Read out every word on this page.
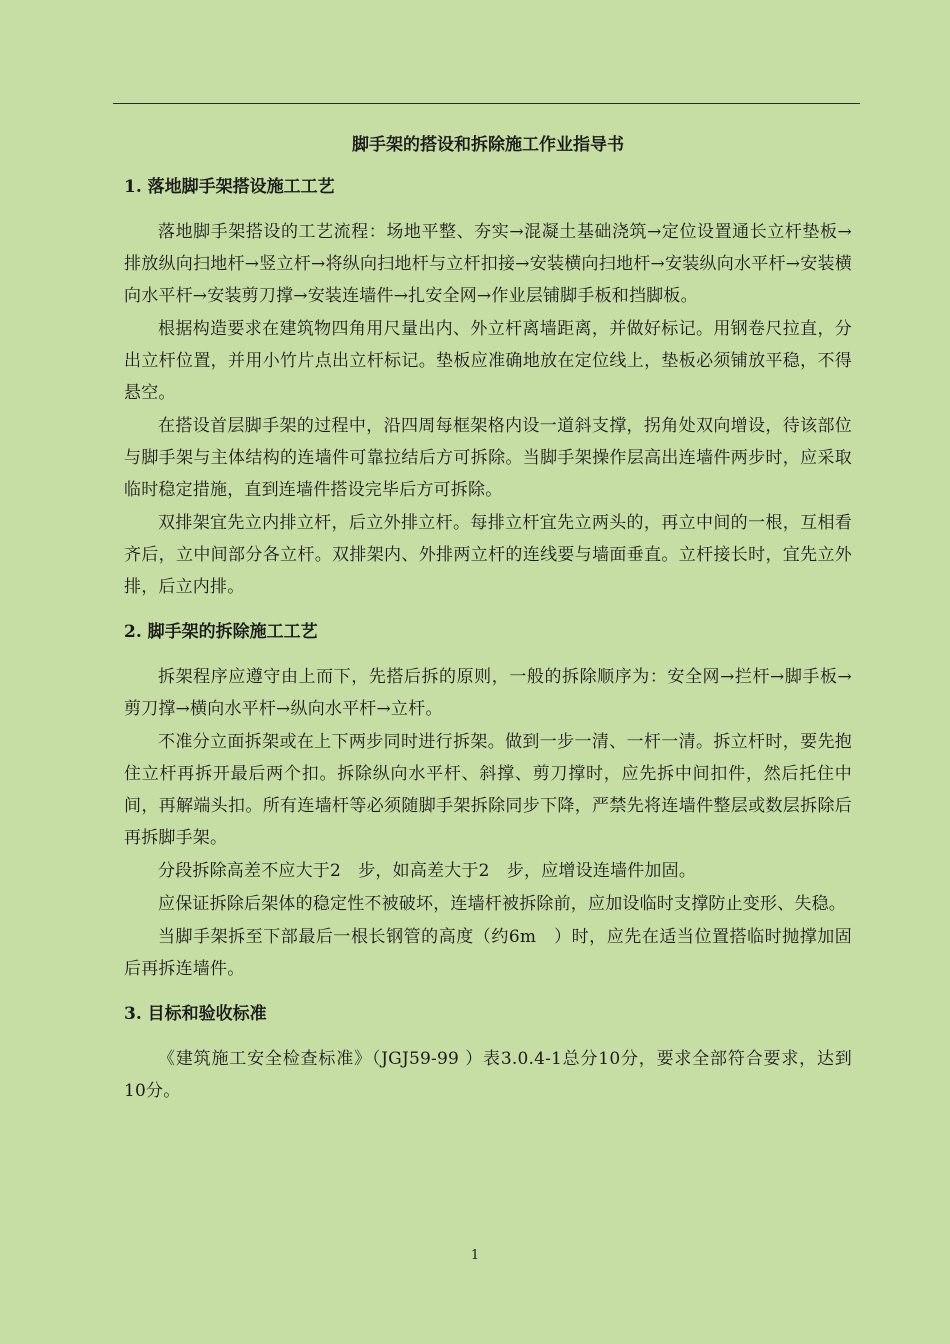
脚手架的搭设和拆除施工作业指导书
1. 落地脚手架搭设施工工艺

落地脚手架搭设的工艺流程：场地平整、夯实→混凝土基础浇筑→定位设置通长立杆垫板→排放纵向扫地杆→竖立杆→将纵向扫地杆与立杆扣接→安装横向扫地杆→安装纵向水平杆→安装横向水平杆→安装剪刀撑→安装连墙件→扎安全网→作业层铺脚手板和挡脚板。

根据构造要求在建筑物四角用尺量出内、外立杆离墙距离，并做好标记。用钢卷尺拉直，分出立杆位置，并用小竹片点出立杆标记。垫板应准确地放在定位线上，垫板必须铺放平稳，不得悬空。

在搭设首层脚手架的过程中，沿四周每框架格内设一道斜支撑，拐角处双向增设，待该部位与脚手架与主体结构的连墙件可靠拉结后方可拆除。当脚手架操作层高出连墙件两步时，应采取临时稳定措施，直到连墙件搭设完毕后方可拆除。

双排架宜先立内排立杆，后立外排立杆。每排立杆宜先立两头的，再立中间的一根，互相看齐后，立中间部分各立杆。双排架内、外排两立杆的连线要与墙面垂直。立杆接长时，宜先立外排，后立内排。

2. 脚手架的拆除施工工艺

拆架程序应遵守由上而下，先搭后拆的原则，一般的拆除顺序为：安全网→拦杆→脚手板→剪刀撑→横向水平杆→纵向水平杆→立杆。

不准分立面拆架或在上下两步同时进行拆架。做到一步一清、一杆一清。拆立杆时，要先抱住立杆再拆开最后两个扣。拆除纵向水平杆、斜撑、剪刀撑时，应先拆中间扣件，然后托住中间，再解端头扣。所有连墙杆等必须随脚手架拆除同步下降，严禁先将连墙件整层或数层拆除后再拆脚手架。

分段拆除高差不应大于2　步，如高差大于2　步，应增设连墙件加固。

应保证拆除后架体的稳定性不被破坏，连墙杆被拆除前，应加设临时支撑防止变形、失稳。

当脚手架拆至下部最后一根长钢管的高度（约6m　）时，应先在适当位置搭临时抛撑加固后再拆连墙件。

3. 目标和验收标准

《建筑施工安全检查标准》（JGJ59-99 ）表3.0.4-1总分10分，要求全部符合要求，达到10分。

1
